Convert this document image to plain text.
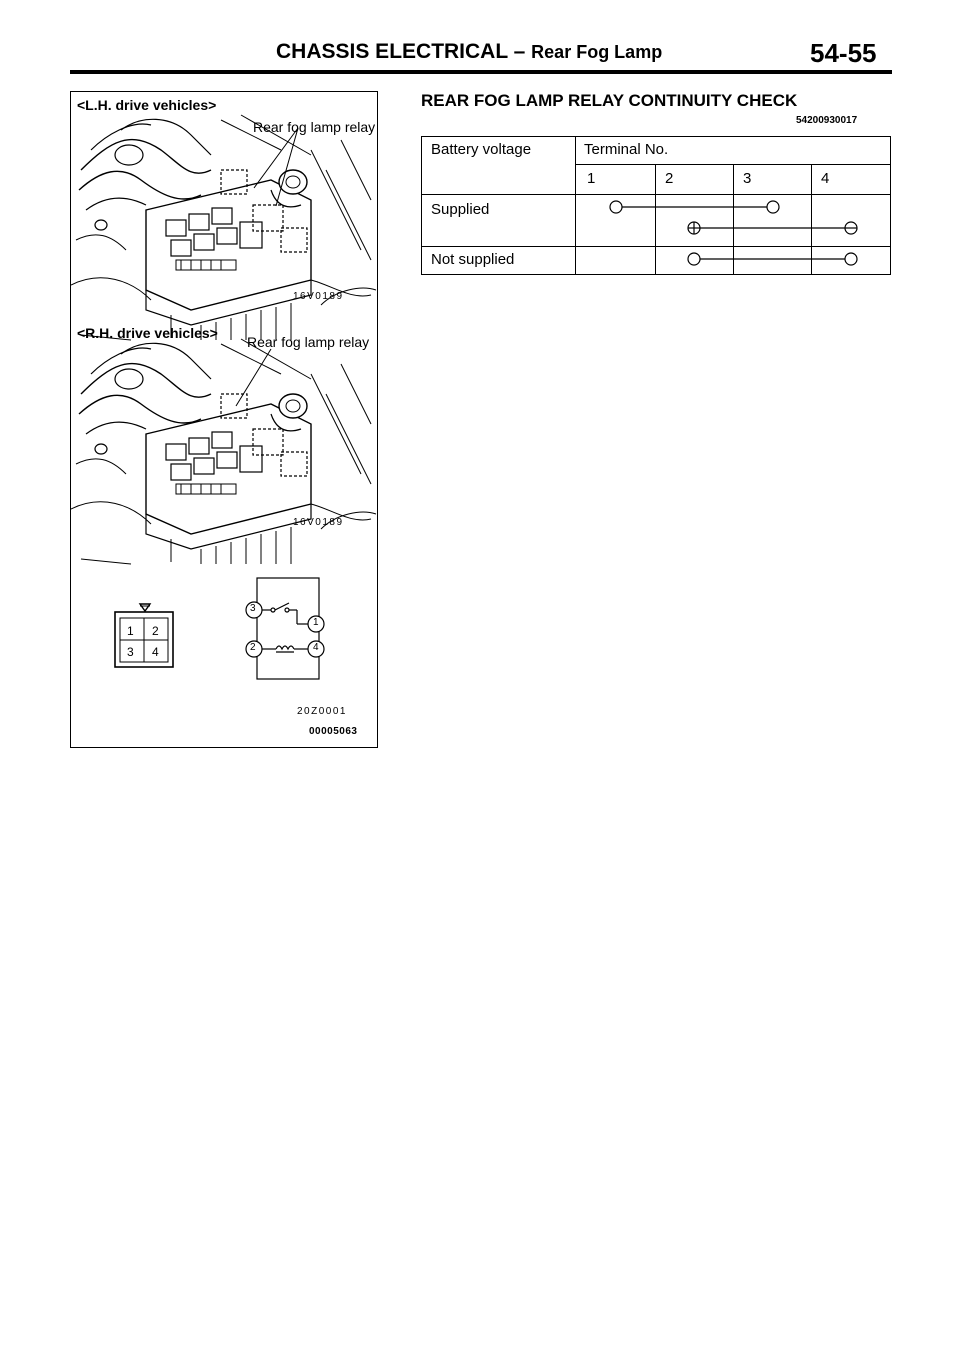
CHASSIS ELECTRICAL – Rear Fog Lamp	54-55
<L.H. drive vehicles>
Rear fog lamp relay
16V0189
<R.H. drive vehicles>
Rear fog lamp relay
16V0189
1 2
3 4
3
1
2	4
20Z0001
00005063
REAR FOG LAMP RELAY CONTINUITY CHECK
54200930017
Battery voltage	Terminal No.
1	2	3	4
Supplied
Not supplied
